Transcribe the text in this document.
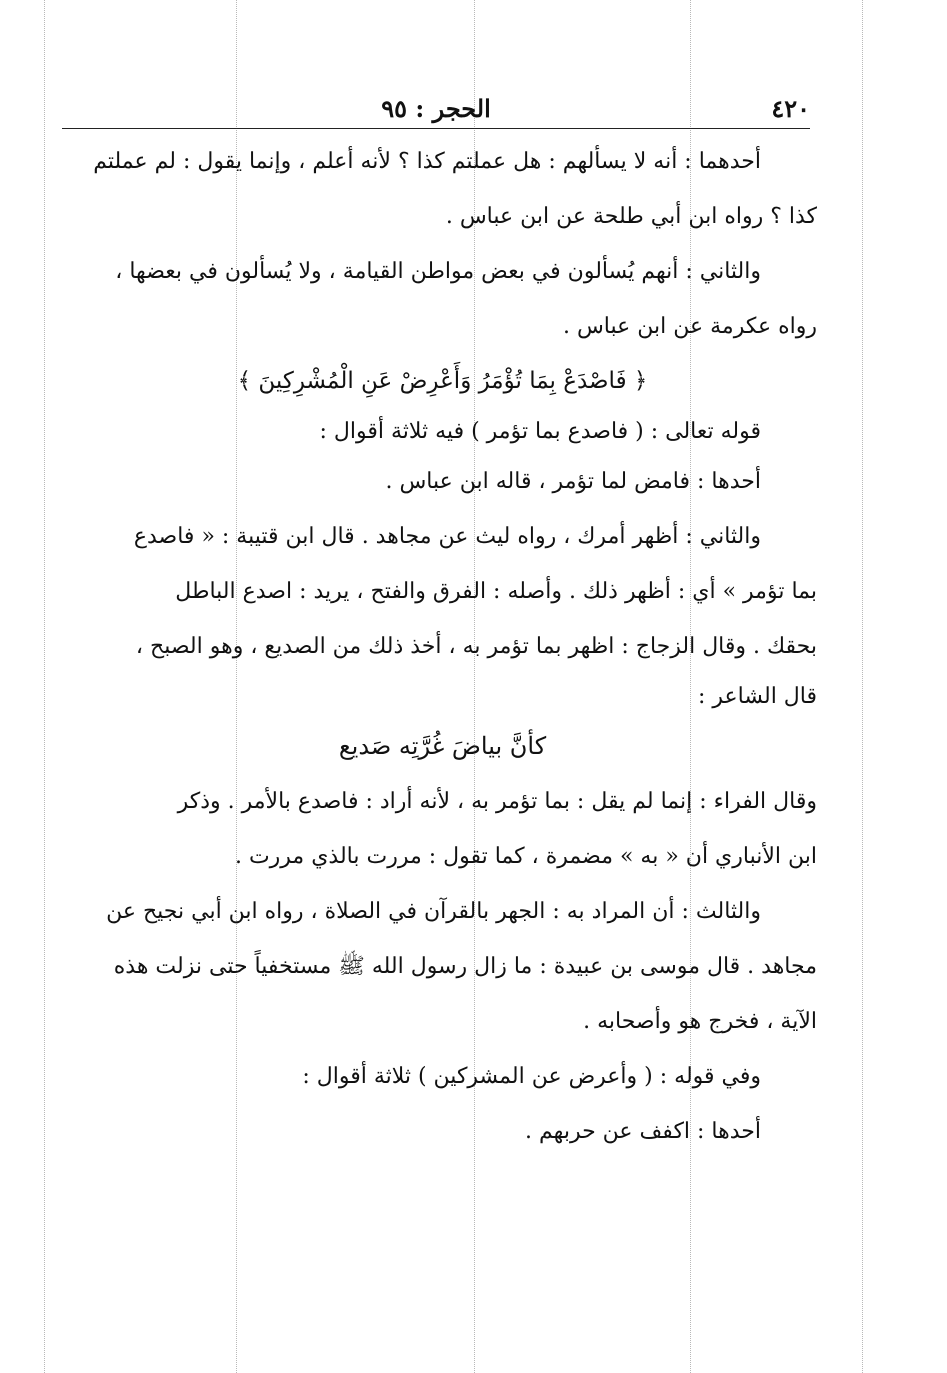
٤٢٠
الحجر : ٩٥
أحدهما : أنه لا يسألهم : هل عملتم كذا ؟ لأنه أعلم ، وإنما يقول : لم عملتم
كذا ؟ رواه ابن أبي طلحة عن ابن عباس .
والثاني : أنهم يُسألون في بعض مواطن القيامة ، ولا يُسألون في بعضها ،
رواه عكرمة عن ابن عباس .
﴿ فَاصْدَعْ بِمَا تُؤْمَرُ وَأَعْرِضْ عَنِ الْمُشْرِكِينَ ﴾
قوله تعالى : ( فاصدع بما تؤمر ) فيه ثلاثة أقوال :
أحدها : فامض لما تؤمر ، قاله ابن عباس .
والثاني : أظهر أمرك ، رواه ليث عن مجاهد . قال ابن قتيبة : « فاصدع
بما تؤمر » أي : أظهر ذلك . وأصله : الفرق والفتح ، يريد : اصدع الباطل
بحقك . وقال الزجاج : اظهر بما تؤمر به ، أخذ ذلك من الصديع ، وهو الصبح ،
قال الشاعر :
كأنَّ بياضَ غُرَّتِه صَديع
وقال الفراء : إنما لم يقل : بما تؤمر به ، لأنه أراد : فاصدع بالأمر . وذكر
ابن الأنباري أن « به » مضمرة ، كما تقول : مررت بالذي مررت .
والثالث : أن المراد به : الجهر بالقرآن في الصلاة ، رواه ابن أبي نجيح عن
مجاهد . قال موسى بن عبيدة : ما زال رسول الله ﷺ مستخفياً حتى نزلت هذه
الآية ، فخرج هو وأصحابه .
وفي قوله : ( وأعرض عن المشركين ) ثلاثة أقوال :
أحدها : اكفف عن حربهم .
